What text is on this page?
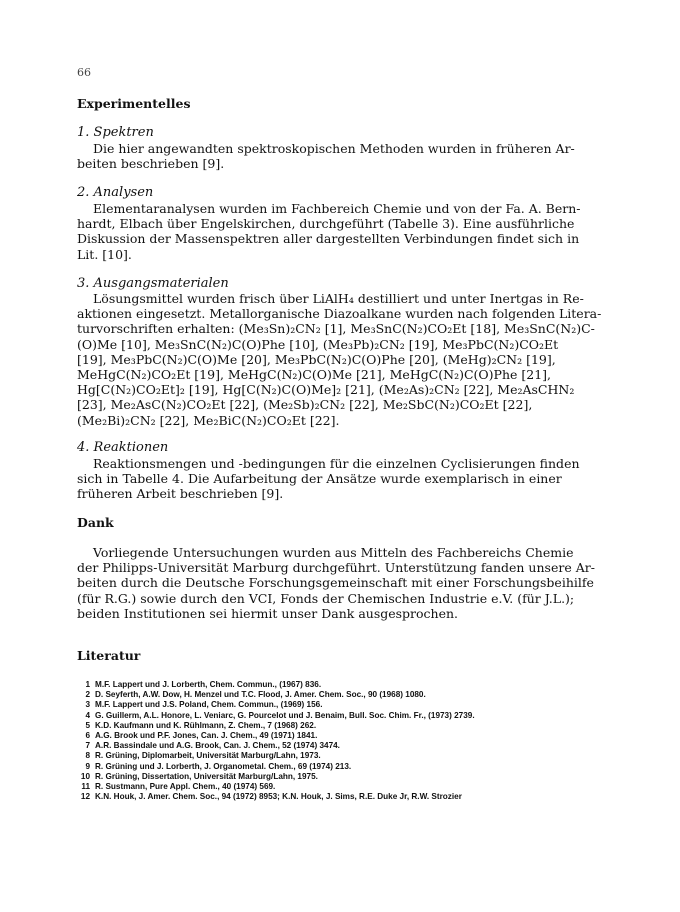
66
Experimentelles
1. Spektren

Die hier angewandten spektroskopischen Methoden wurden in früheren Ar-
beiten beschrieben [9].

2. Analysen

Elementaranalysen wurden im Fachbereich Chemie und von der Fa. A. Bern-
hardt, Elbach über Engelskirchen, durchgeführt (Tabelle 3). Eine ausführliche
Diskussion der Massenspektren aller dargestellten Verbindungen findet sich in
Lit. [10].

3. Ausgangsmaterialen

Lösungsmittel wurden frisch über LiAlH₄ destilliert und unter Inertgas in Re-
aktionen eingesetzt. Metallorganische Diazoalkane wurden nach folgenden Litera-
turvorschriften erhalten: (Me₃Sn)₂CN₂ [1], Me₃SnC(N₂)CO₂Et [18], Me₃SnC(N₂)C-
(O)Me [10], Me₃SnC(N₂)C(O)Phe [10], (Me₃Pb)₂CN₂ [19], Me₃PbC(N₂)CO₂Et
[19], Me₃PbC(N₂)C(O)Me [20], Me₃PbC(N₂)C(O)Phe [20], (MeHg)₂CN₂ [19],
MeHgC(N₂)CO₂Et [19], MeHgC(N₂)C(O)Me [21], MeHgC(N₂)C(O)Phe [21],
Hg[C(N₂)CO₂Et]₂ [19], Hg[C(N₂)C(O)Me]₂ [21], (Me₂As)₂CN₂ [22], Me₂AsCHN₂
[23], Me₂AsC(N₂)CO₂Et [22], (Me₂Sb)₂CN₂ [22], Me₂SbC(N₂)CO₂Et [22],
(Me₂Bi)₂CN₂ [22], Me₂BiC(N₂)CO₂Et [22].

4. Reaktionen

Reaktionsmengen und -bedingungen für die einzelnen Cyclisierungen finden
sich in Tabelle 4. Die Aufarbeitung der Ansätze wurde exemplarisch in einer
früheren Arbeit beschrieben [9].

Dank

Vorliegende Untersuchungen wurden aus Mitteln des Fachbereichs Chemie
der Philipps-Universität Marburg durchgeführt. Unterstützung fanden unsere Ar-
beiten durch die Deutsche Forschungsgemeinschaft mit einer Forschungsbeihilfe
(für R.G.) sowie durch den VCI, Fonds der Chemischen Industrie e.V. (für J.L.);
beiden Institutionen sei hiermit unser Dank ausgesprochen.

Literatur
1 M.F. Lappert und J. Lorberth, Chem. Commun., (1967) 836.
2 D. Seyferth, A.W. Dow, H. Menzel und T.C. Flood, J. Amer. Chem. Soc., 90 (1968) 1080.
3 M.F. Lappert und J.S. Poland, Chem. Commun., (1969) 156.
4 G. Guillerm, A.L. Honore, L. Veniarc, G. Pourcelot und J. Benaim, Bull. Soc. Chim. Fr., (1973) 2739.
5 K.D. Kaufmann und K. Rühlmann, Z. Chem., 7 (1968) 262.
6 A.G. Brook und P.F. Jones, Can. J. Chem., 49 (1971) 1841.
7 A.R. Bassindale und A.G. Brook, Can. J. Chem., 52 (1974) 3474.
8 R. Grüning, Diplomarbeit, Universität Marburg/Lahn, 1973.
9 R. Grüning und J. Lorberth, J. Organometal. Chem., 69 (1974) 213.
10 R. Grüning, Dissertation, Universität Marburg/Lahn, 1975.
11 R. Sustmann, Pure Appl. Chem., 40 (1974) 569.
12 K.N. Houk, J. Amer. Chem. Soc., 94 (1972) 8953; K.N. Houk, J. Sims, R.E. Duke Jr, R.W. Strozier
